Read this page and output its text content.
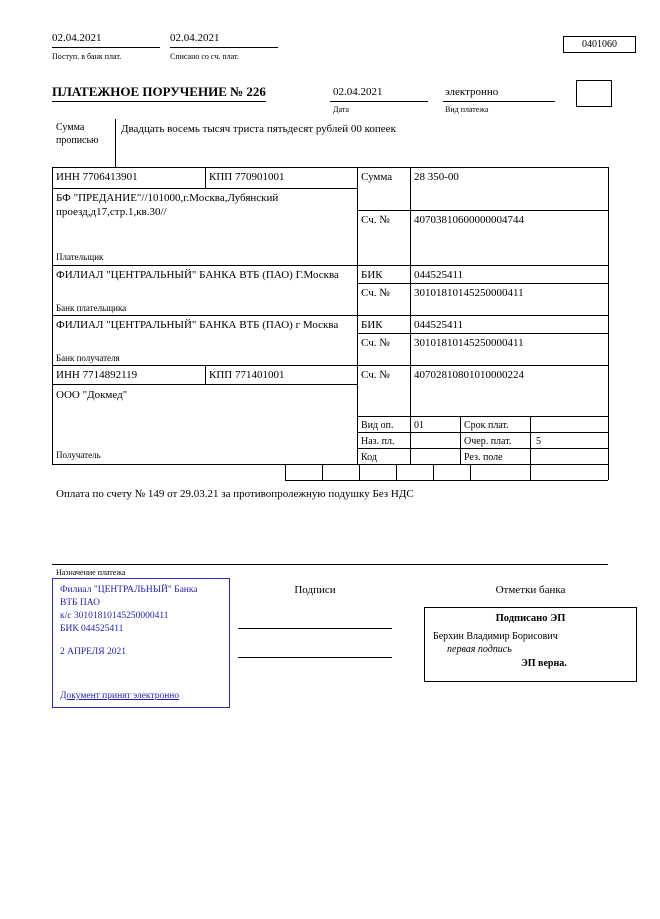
02.04.2021
Поступ. в банк плат.
02.04.2021
Списано со сч. плат.
0401060
ПЛАТЕЖНОЕ ПОРУЧЕНИЕ № 226	02.04.2021
Дата
электронно
Вид платежа
Сумма прописью
Двадцать восемь тысяч триста пятьдесят рублей 00 копеек
ИНН 7706413901	КПП 770901001	Сумма 28 350-00
БФ "ПРЕДАНИЕ"//101000,г.Москва,Лубянский проезд,д17,стр.1,кв.30//
Сч. № 40703810600000004744
Плательщик
ФИЛИАЛ "ЦЕНТРАЛЬНЫЙ" БАНКА ВТБ (ПАО) Г.Москва	БИК	044525411
Сч. № 30101810145250000411
Банк плательщика
ФИЛИАЛ "ЦЕНТРАЛЬНЫЙ" БАНКА ВТБ (ПАО) г Москва	БИК	044525411
Сч. № 30101810145250000411
Банк получателя
ИНН 7714892119	КПП 771401001	Сч. № 40702810801010000224
ООО "Докмед"
Получатель
Вид оп. 01	Срок плат.
Наз. пл.	Очер. плат. 5
Код	Рез. поле
Оплата по счету № 149 от 29.03.21 за противопролежную подушку Без НДС
Назначение платежа
Филиал "ЦЕНТРАЛЬНЫЙ" Банка
ВТБ ПАО
к/с 30101810145250000411
БИК 044525411
2 АПРЕЛЯ 2021
Документ принят электронно
Подписи	Отметки банка
Подписано ЭП
Берхин Владимир Борисович
первая подпись
ЭП верна.
